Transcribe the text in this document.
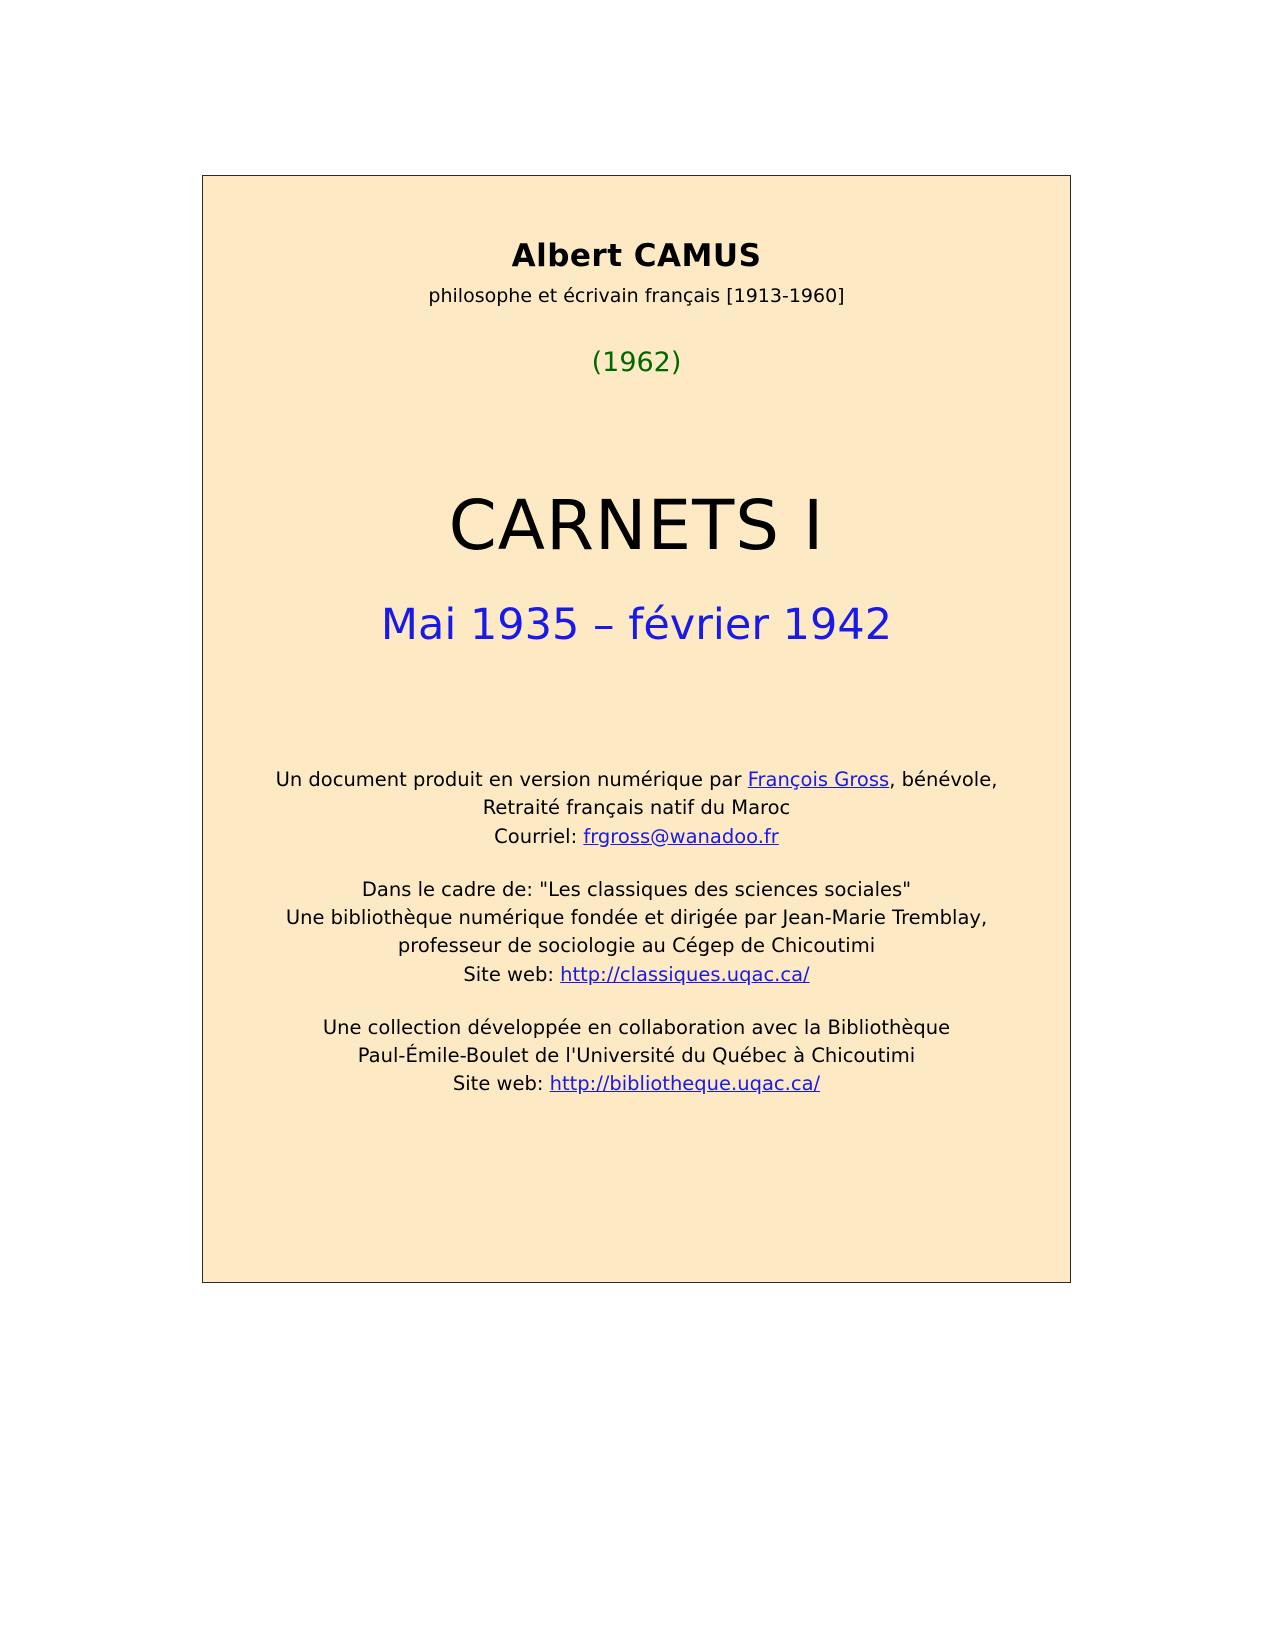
Albert CAMUS
philosophe et écrivain français [1913-1960]
(1962)
CARNETS I
Mai 1935 – février 1942
Un document produit en version numérique par François Gross, bénévole,
Retraité français natif du Maroc
Courriel: frgross@wanadoo.fr
Dans le cadre de: "Les classiques des sciences sociales"
Une bibliothèque numérique fondée et dirigée par Jean-Marie Tremblay,
professeur de sociologie au Cégep de Chicoutimi
Site web: http://classiques.uqac.ca/
Une collection développée en collaboration avec la Bibliothèque
Paul-Émile-Boulet de l'Université du Québec à Chicoutimi
Site web: http://bibliotheque.uqac.ca/
